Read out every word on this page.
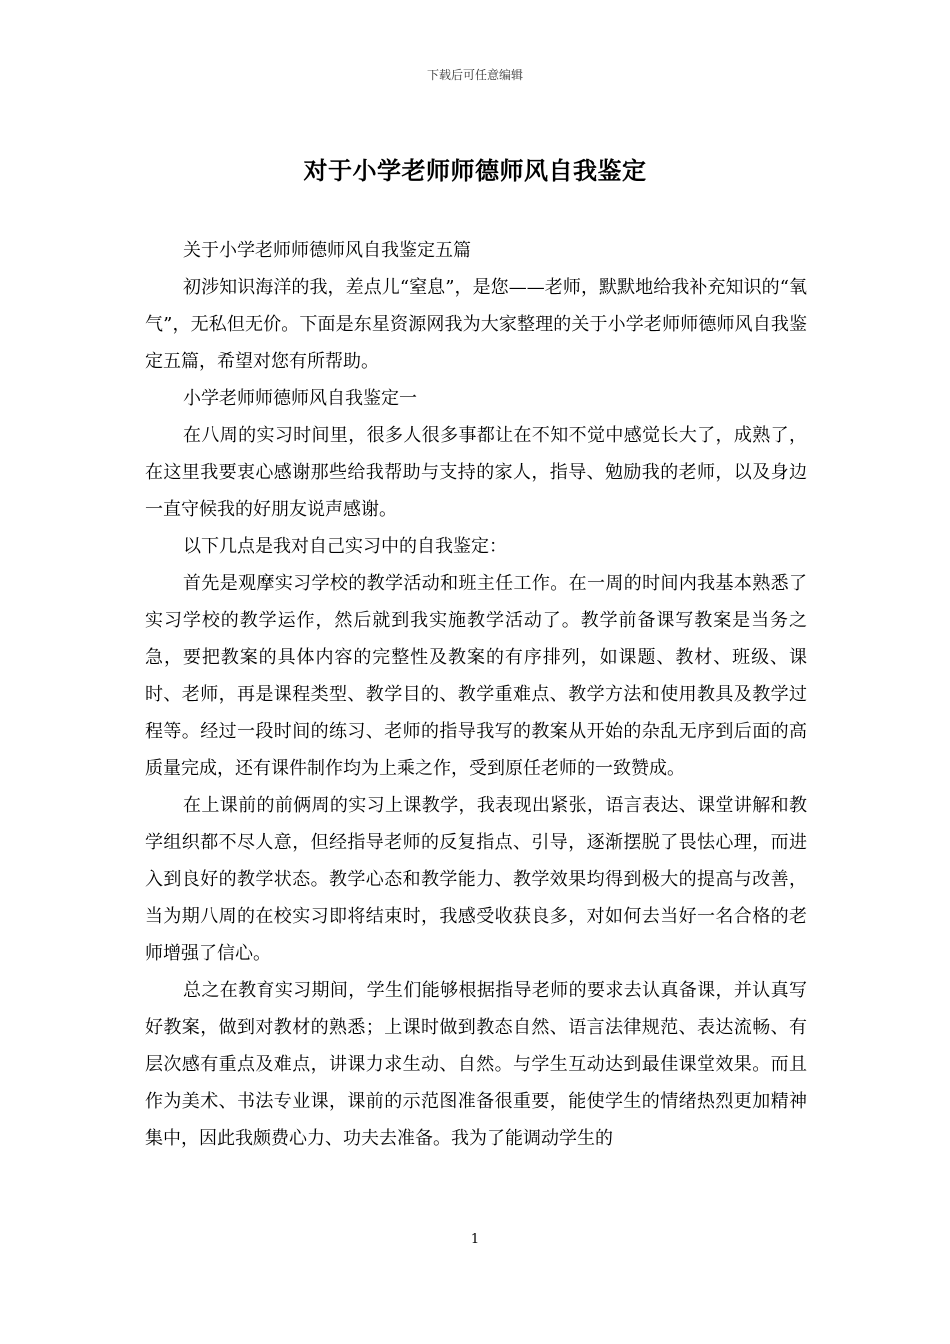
下载后可任意编辑
对于小学老师师德师风自我鉴定

关于小学老师师德师风自我鉴定五篇

初涉知识海洋的我，差点儿“窒息”，是您——老师，默默地给我补充知识的“氧气”，无私但无价。下面是东星资源网我为大家整理的关于小学老师师德师风自我鉴定五篇，希望对您有所帮助。

小学老师师德师风自我鉴定一

在八周的实习时间里，很多人很多事都让在不知不觉中感觉长大了，成熟了，在这里我要衷心感谢那些给我帮助与支持的家人，指导、勉励我的老师，以及身边一直守候我的好朋友说声感谢。

以下几点是我对自己实习中的自我鉴定：

首先是观摩实习学校的教学活动和班主任工作。在一周的时间内我基本熟悉了实习学校的教学运作，然后就到我实施教学活动了。教学前备课写教案是当务之急，要把教案的具体内容的完整性及教案的有序排列，如课题、教材、班级、课时、老师，再是课程类型、教学目的、教学重难点、教学方法和使用教具及教学过程等。经过一段时间的练习、老师的指导我写的教案从开始的杂乱无序到后面的高质量完成，还有课件制作均为上乘之作，受到原任老师的一致赞成。

在上课前的前俩周的实习上课教学，我表现出紧张，语言表达、课堂讲解和教学组织都不尽人意，但经指导老师的反复指点、引导，逐渐摆脱了畏怯心理，而进入到良好的教学状态。教学心态和教学能力、教学效果均得到极大的提高与改善，当为期八周的在校实习即将结束时，我感受收获良多，对如何去当好一名合格的老师增强了信心。

总之在教育实习期间，学生们能够根据指导老师的要求去认真备课，并认真写好教案，做到对教材的熟悉；上课时做到教态自然、语言法律规范、表达流畅、有层次感有重点及难点，讲课力求生动、自然。与学生互动达到最佳课堂效果。而且作为美术、书法专业课，课前的示范图准备很重要，能使学生的情绪热烈更加精神集中，因此我颇费心力、功夫去准备。我为了能调动学生的

1
